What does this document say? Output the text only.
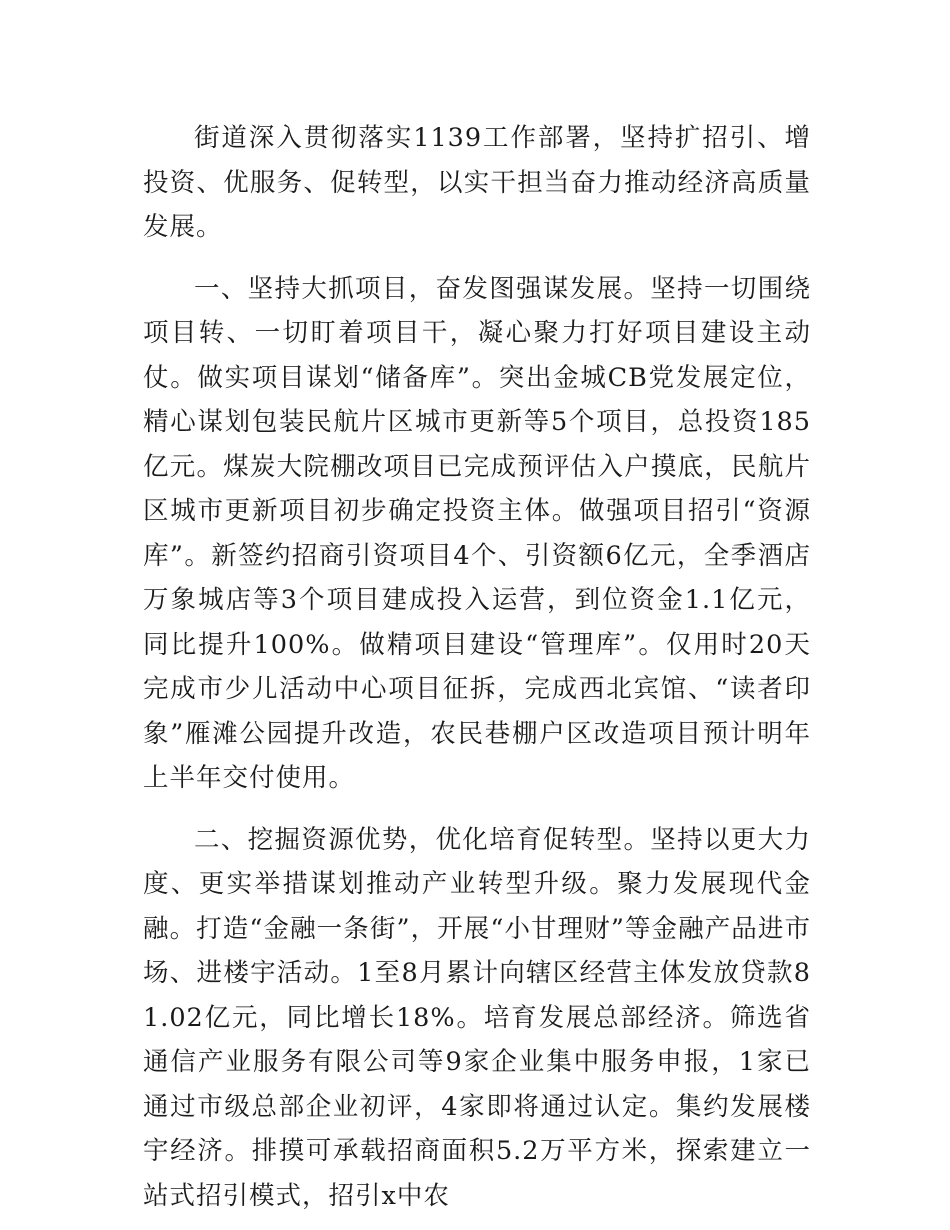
街道深入贯彻落实1139工作部署，坚持扩招引、增投资、优服务、促转型，以实干担当奋力推动经济高质量发展。

一、坚持大抓项目，奋发图强谋发展。坚持一切围绕项目转、一切盯着项目干，凝心聚力打好项目建设主动仗。做实项目谋划“储备库”。突出金城CB党发展定位，精心谋划包装民航片区城市更新等5个项目，总投资185亿元。煤炭大院棚改项目已完成预评估入户摸底，民航片区城市更新项目初步确定投资主体。做强项目招引“资源库”。新签约招商引资项目4个、引资额6亿元，全季酒店万象城店等3个项目建成投入运营，到位资金1.1亿元，同比提升100%。做精项目建设“管理库”。仅用时20天完成市少儿活动中心项目征拆，完成西北宾馆、“读者印象”雁滩公园提升改造，农民巷棚户区改造项目预计明年上半年交付使用。

二、挖掘资源优势，优化培育促转型。坚持以更大力度、更实举措谋划推动产业转型升级。聚力发展现代金融。打造“金融一条街”，开展“小甘理财”等金融产品进市场、进楼宇活动。1至8月累计向辖区经营主体发放贷款81.02亿元，同比增长18%。培育发展总部经济。筛选省通信产业服务有限公司等9家企业集中服务申报，1家已通过市级总部企业初评，4家即将通过认定。集约发展楼宇经济。排摸可承载招商面积5.2万平方米，探索建立一站式招引模式，招引x中农
